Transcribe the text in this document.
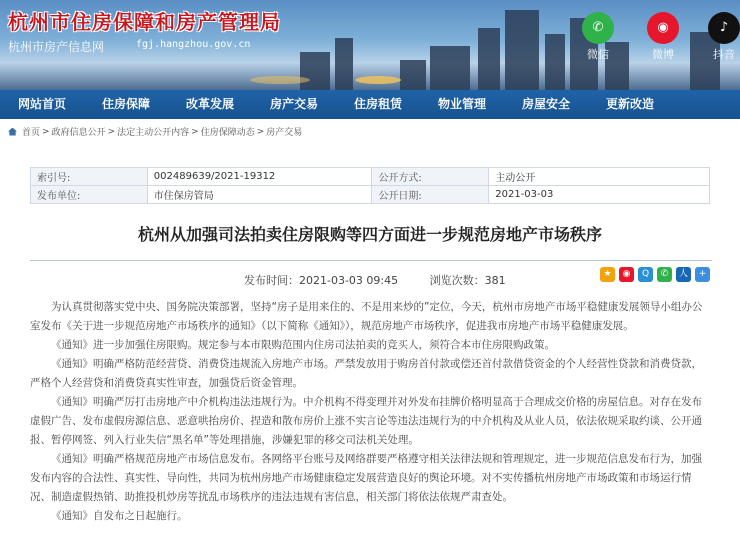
杭州市住房保障和房产管理局
杭州市房产信息网	fgj.hangzhou.gov.cn
✆
微信
◉
微博
♪
抖音
网站首页	住房保障	改革发展	房产交易	住房租赁	物业管理	房屋安全	更新改造
首页 > 政府信息公开 > 法定主动公开内容 > 住房保障动态 > 房产交易
索引号:	002489639/2021-19312	公开方式:	主动公开
发布单位:	市住保房管局	公开日期:	2021-03-03
杭州从加强司法拍卖住房限购等四方面进一步规范房地产市场秩序
发布时间：2021-03-03 09:45	浏览次数：381	★	◉	Q	✆	人	+

为认真贯彻落实党中央、国务院决策部署，坚持“房子是用来住的、不是用来炒的”定位，今天，杭州市房地产市场平稳健康发展领导小组办公室发布《关于进一步规范房地产市场秩序的通知》（以下简称《通知》），规范房地产市场秩序，促进我市房地产市场平稳健康发展。

《通知》进一步加强住房限购。规定参与本市限购范围内住房司法拍卖的竞买人，须符合本市住房限购政策。

《通知》明确严格防范经营贷、消费贷违规流入房地产市场。严禁发放用于购房首付款或偿还首付款借贷资金的个人经营性贷款和消费贷款，严格个人经营贷和消费贷真实性审查，加强贷后资金管理。

《通知》明确严厉打击房地产中介机构违法违规行为。中介机构不得变理并对外发布挂牌价格明显高于合理成交价格的房屋信息。对存在发布虚假广告、发布虚假房源信息、恶意哄抬房价、捏造和散布房价上涨不实言论等违法违规行为的中介机构及从业人员，依法依规采取约谈、公开通报、暂停网签、列入行业失信“黑名单”等处理措施，涉嫌犯罪的移交司法机关处理。

《通知》明确严格规范房地产市场信息发布。各网络平台账号及网络群要严格遵守相关法律法规和管理规定，进一步规范信息发布行为，加强发布内容的合法性、真实性、导向性，共同为杭州房地产市场健康稳定发展营造良好的舆论环境。对不实传播杭州房地产市场政策和市场运行情况、制造虚假热销、助推投机炒房等扰乱市场秩序的违法违规有害信息，相关部门将依法依规严肃查处。

《通知》自发布之日起施行。
